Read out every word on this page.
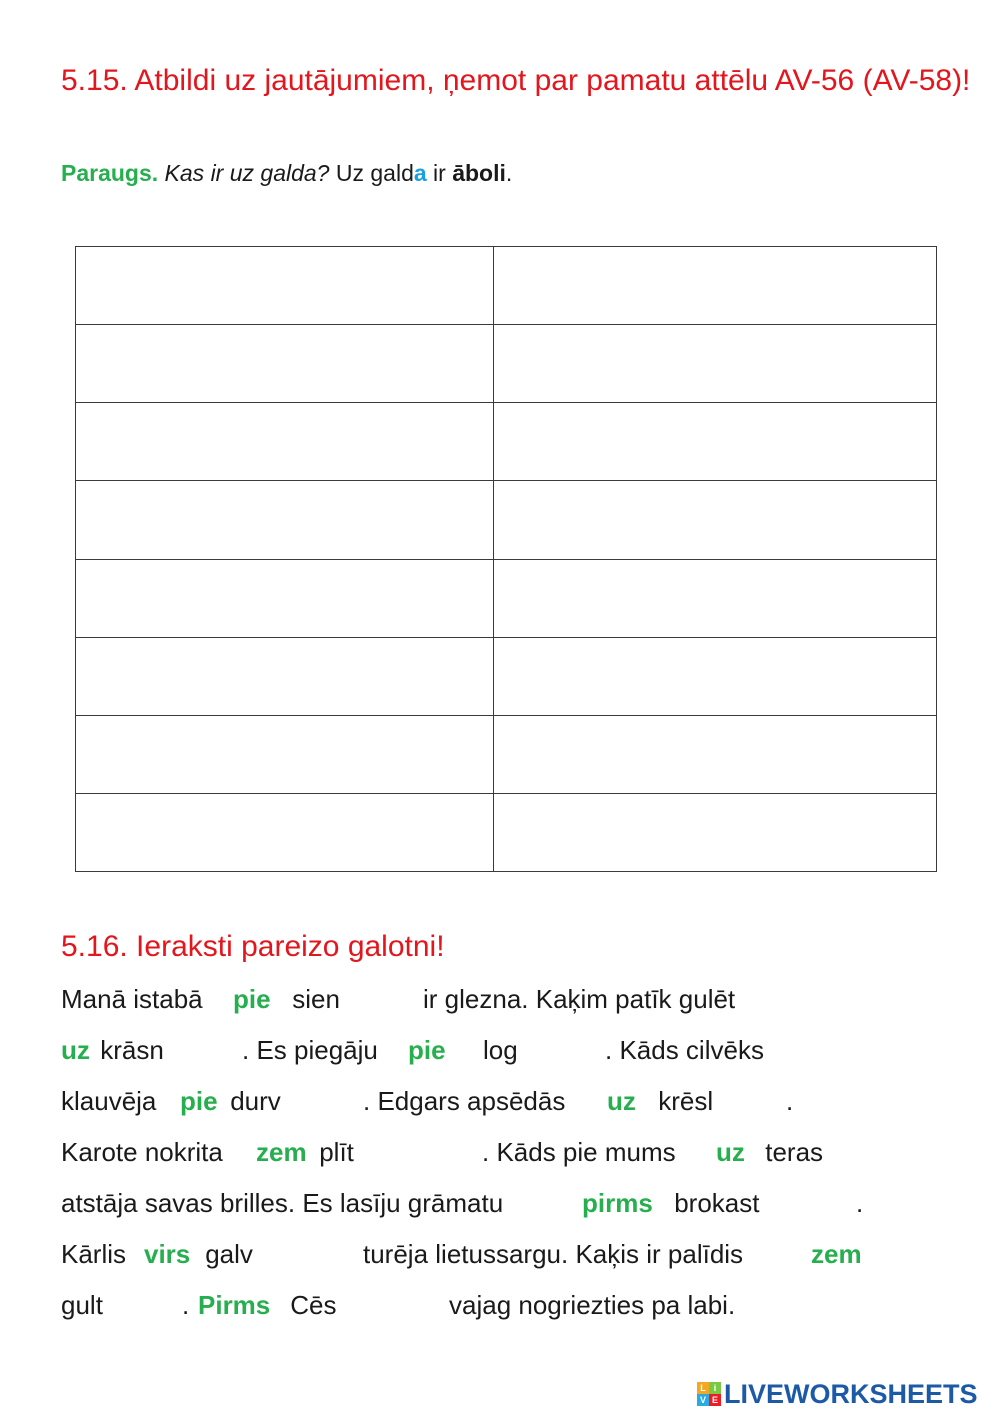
5.15. Atbildi uz jautājumiem, ņemot par pamatu attēlu AV-56 (AV-58)!
Paraugs. Kas ir uz galda? Uz galda ir āboli.

5.16. Ieraksti pareizo galotni!
Manā istabā pie sien	ir glezna. Kaķim patīk gulēt
uz krāsn	. Es piegāju pie log	. Kāds cilvēks
klauvēja pie durv	. Edgars apsēdās uz krēsl	.
Karote nokrita zem plīt	. Kāds pie mums uz teras
atstāja savas brilles. Es lasīju grāmatu	pirms brokast	.
Kārlis virs galv	turēja lietussargu. Kaķis ir palīdis zem
gult	. Pirms Cēs	vajag nogriezties pa labi.
L i
V E LIVEWORKSHEETS
